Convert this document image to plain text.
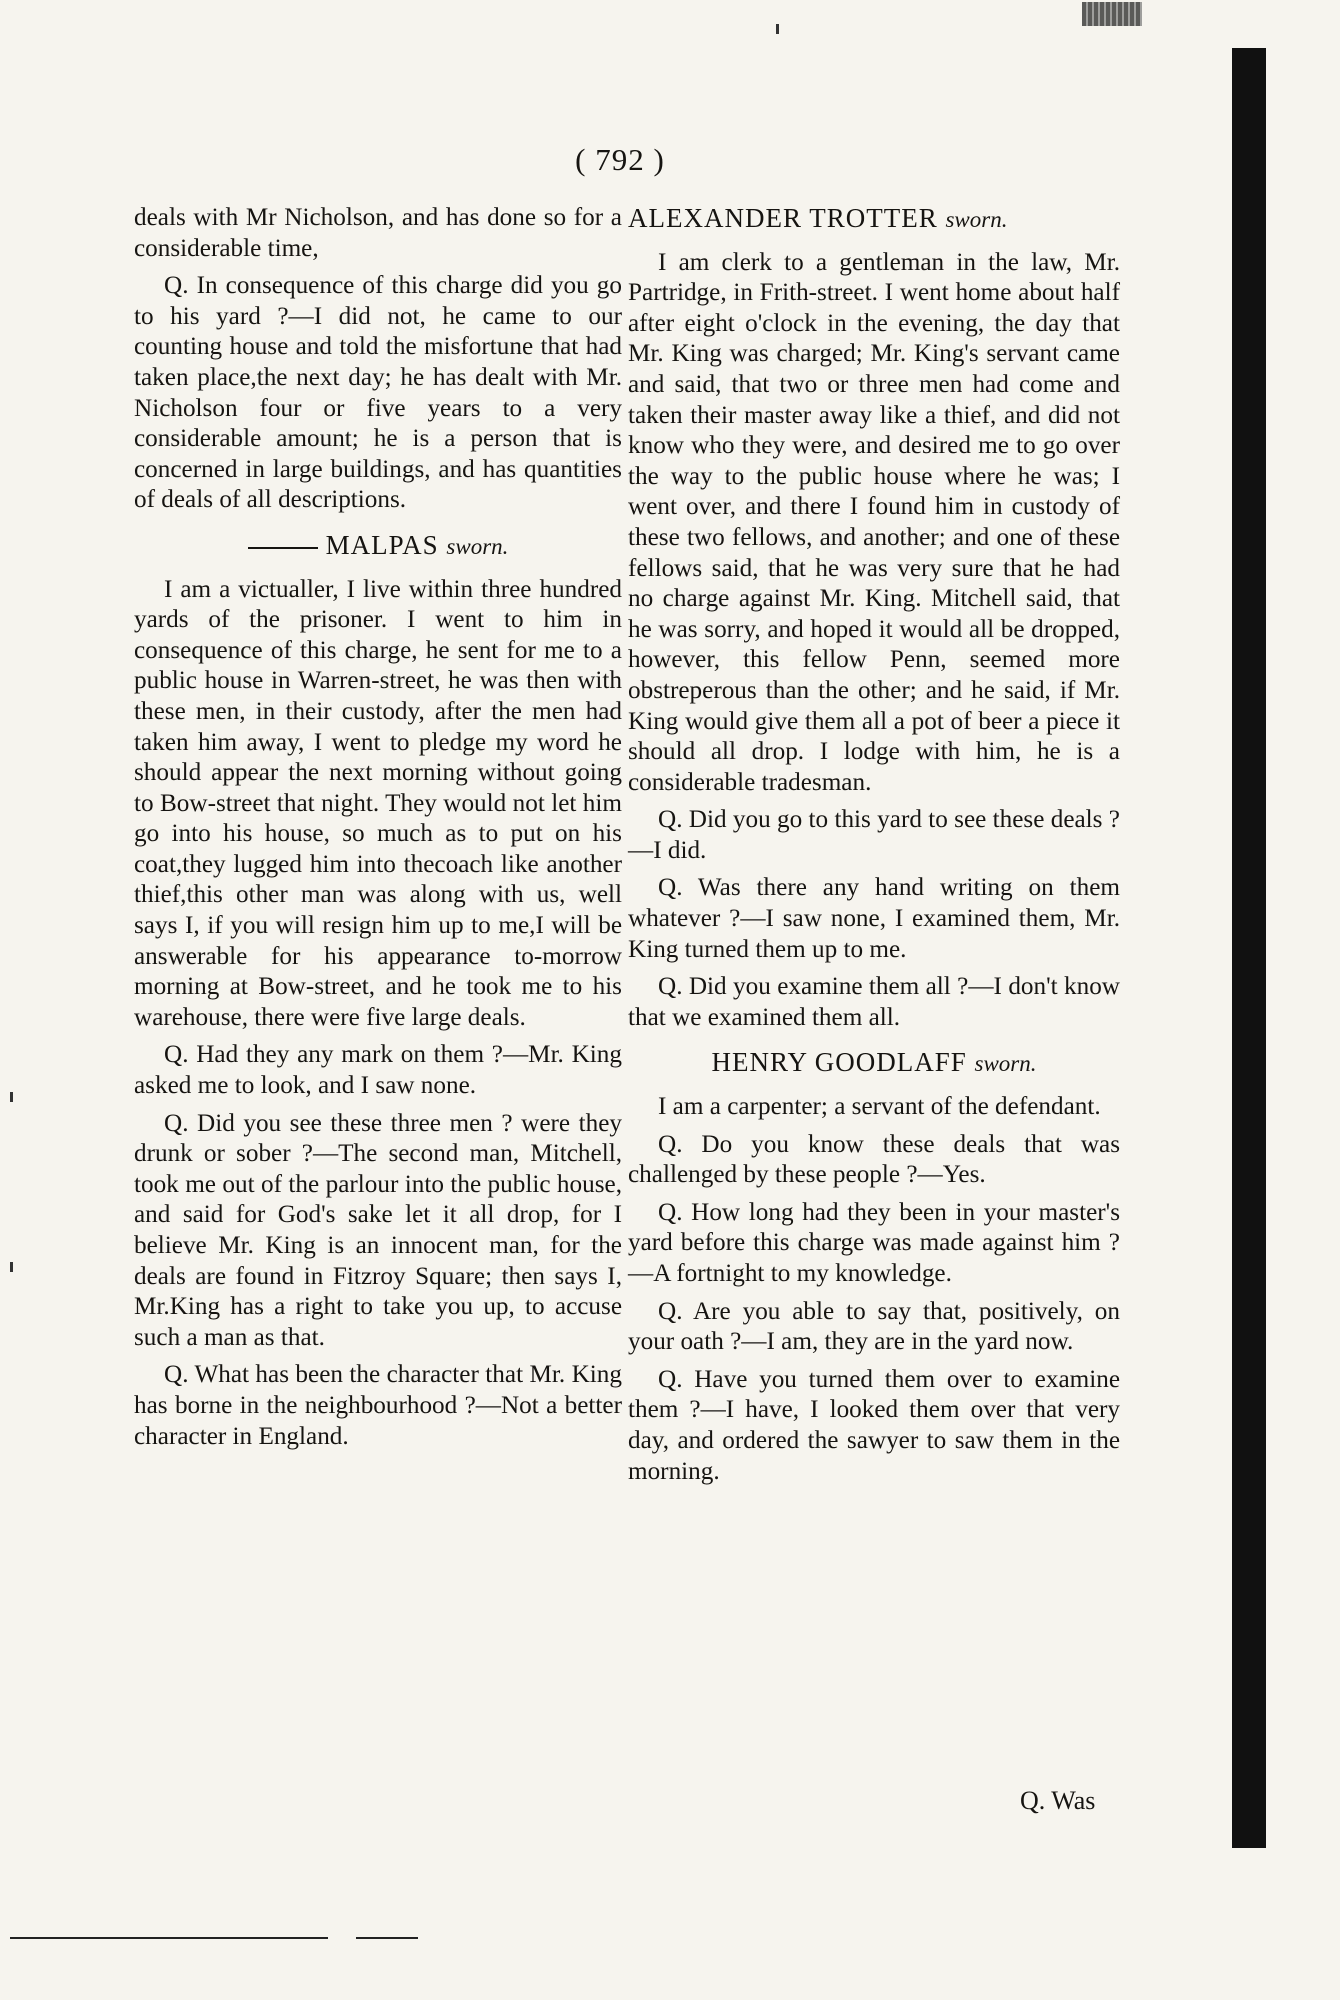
( 792 )

deals with Mr Nicholson, and has done so for a considerable time,

Q. In consequence of this charge did you go to his yard ?—I did not, he came to our counting house and told the misfortune that had taken place,the next day; he has dealt with Mr. Nicholson four or five years to a very considerable amount; he is a person that is concerned in large buildings, and has quantities of deals of all descriptions.

MALPAS sworn.

I am a victualler, I live within three hundred yards of the prisoner. I went to him in consequence of this charge, he sent for me to a public house in Warren-street, he was then with these men, in their custody, after the men had taken him away, I went to pledge my word he should appear the next morning without going to Bow-street that night. They would not let him go into his house, so much as to put on his coat,they lugged him into thecoach like another thief,this other man was along with us, well says I, if you will resign him up to me,I will be answerable for his appearance to-morrow morning at Bow-street, and he took me to his warehouse, there were five large deals.

Q. Had they any mark on them ?—Mr. King asked me to look, and I saw none.

Q. Did you see these three men ? were they drunk or sober ?—The second man, Mitchell, took me out of the parlour into the public house, and said for God's sake let it all drop, for I believe Mr. King is an innocent man, for the deals are found in Fitzroy Square; then says I, Mr.King has a right to take you up, to accuse such a man as that.

Q. What has been the character that Mr. King has borne in the neighbourhood ?—Not a better character in England.

ALEXANDER TROTTER sworn.

I am clerk to a gentleman in the law, Mr. Partridge, in Frith-street. I went home about half after eight o'clock in the evening, the day that Mr. King was charged; Mr. King's servant came and said, that two or three men had come and taken their master away like a thief, and did not know who they were, and desired me to go over the way to the public house where he was; I went over, and there I found him in custody of these two fellows, and another; and one of these fellows said, that he was very sure that he had no charge against Mr. King. Mitchell said, that he was sorry, and hoped it would all be dropped, however, this fellow Penn, seemed more obstreperous than the other; and he said, if Mr. King would give them all a pot of beer a piece it should all drop. I lodge with him, he is a considerable tradesman.

Q. Did you go to this yard to see these deals ?—I did.

Q. Was there any hand writing on them whatever ?—I saw none, I examined them, Mr. King turned them up to me.

Q. Did you examine them all ?—I don't know that we examined them all.

HENRY GOODLAFF sworn.

I am a carpenter; a servant of the defendant.

Q. Do you know these deals that was challenged by these people ?—Yes.

Q. How long had they been in your master's yard before this charge was made against him ?—A fortnight to my knowledge.

Q. Are you able to say that, positively, on your oath ?—I am, they are in the yard now.

Q. Have you turned them over to examine them ?—I have, I looked them over that very day, and ordered the sawyer to saw them in the morning.

Q. Was
